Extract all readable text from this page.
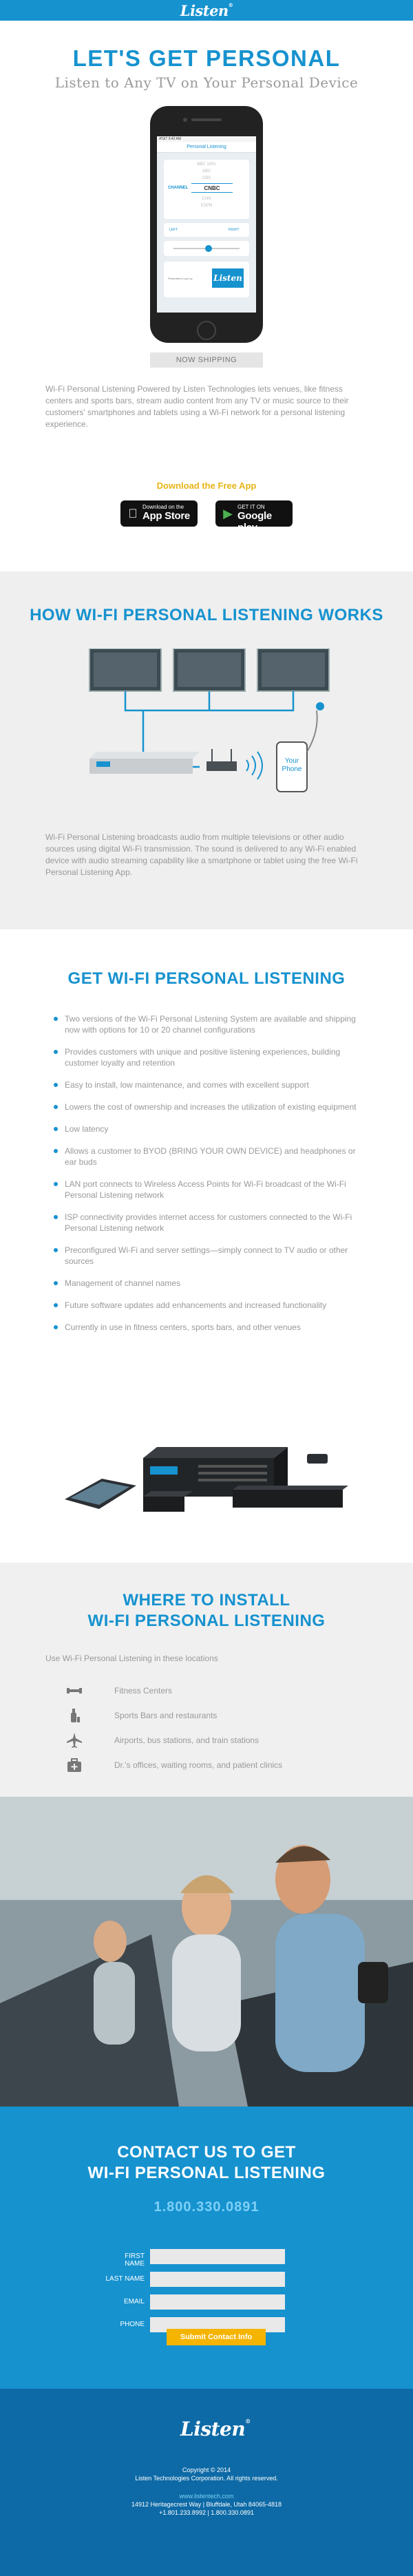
Listen®
LET'S GET PERSONAL
Listen to Any TV on Your Personal Device
AT&T 9:42 AM
Personal Listening
BBC 1001
ABC
CBS
CHANNEL	CNBC
CNN
ESPN
LEFT	RIGHT
Presented to you by	Listen
NOW SHIPPING

Wi-Fi Personal Listening Powered by Listen Technologies lets venues, like fitness centers and sports bars, stream audio content from any TV or music source to their customers' smartphones and tablets using a Wi-Fi network for a personal listening experience.

Download the Free App
Download on the
App Store	▶ GET IT ON
Google play
HOW WI-FI PERSONAL LISTENING WORKS
Your
Phone

Wi-Fi Personal Listening broadcasts audio from multiple televisions or other audio sources using digital Wi-Fi transmission. The sound is delivered to any Wi-Fi enabled device with audio streaming capability like a smartphone or tablet using the free Wi-Fi Personal Listening App.

GET WI-FI PERSONAL LISTENING
Two versions of the Wi-Fi Personal Listening System are available and shipping now with options for 10 or 20 channel configurations
Provides customers with unique and positive listening experiences, building customer loyalty and retention
Easy to install, low maintenance, and comes with excellent support
Lowers the cost of ownership and increases the utilization of existing equipment
Low latency
Allows a customer to BYOD (BRING YOUR OWN DEVICE) and headphones or ear buds
LAN port connects to Wireless Access Points for Wi-Fi broadcast of the Wi-Fi Personal Listening network
ISP connectivity provides internet access for customers connected to the Wi-Fi Personal Listening network
Preconfigured Wi-Fi and server settings—simply connect to TV audio or other sources
Management of channel names
Future software updates add enhancements and increased functionality
Currently in use in fitness centers, sports bars, and other venues
WHERE TO INSTALL
WI-FI PERSONAL LISTENING
Use Wi-Fi Personal Listening in these locations
Fitness Centers
Sports Bars and restaurants
Airports, bus stations, and train stations
Dr.'s offices, waiting rooms, and patient clinics
CONTACT US TO GET
WI-FI PERSONAL LISTENING
1.800.330.0891
FIRST NAME
LAST NAME
EMAIL
PHONE
Submit Contact Info
Listen®
Copyright © 2014
Listen Technologies Corporation. All rights reserved.
www.listentech.com
14912 Heritagecrest Way | Bluffdale, Utah 84065-4818
+1.801.233.8992 | 1.800.330.0891
